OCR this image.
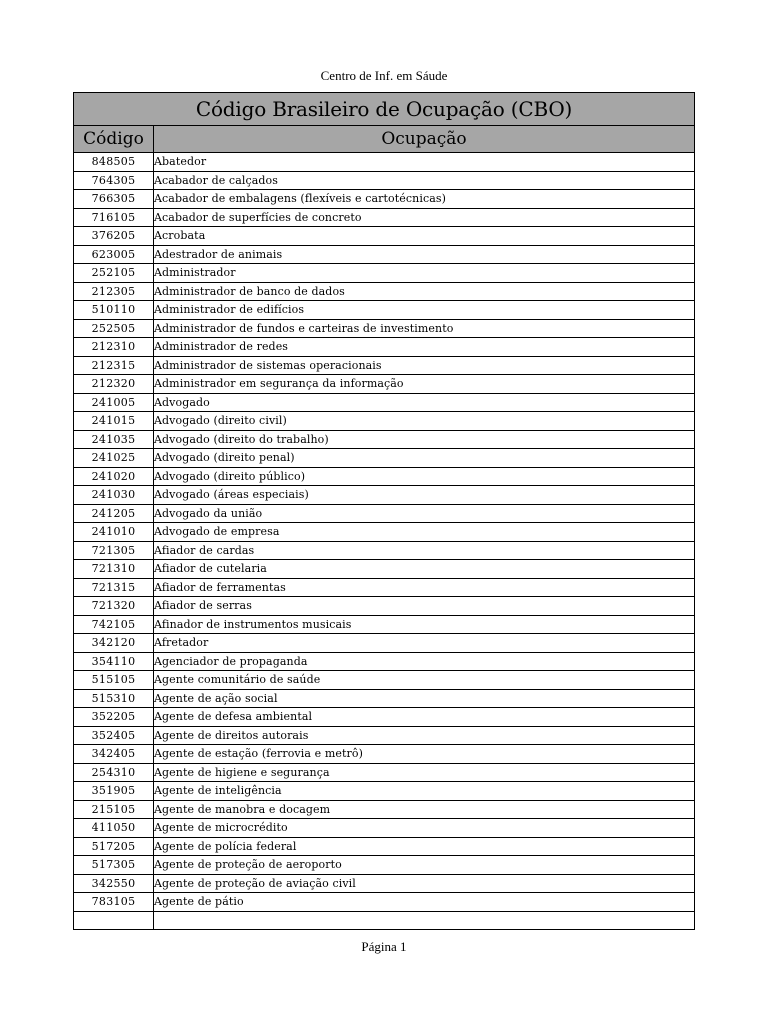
Centro de Inf. em Sáude
Código Brasileiro de Ocupação (CBO)	
Código	Ocupação
848505	Abatedor
764305	Acabador de calçados
766305	Acabador de embalagens (flexíveis e cartotécnicas)
716105	Acabador de superfícies de concreto
376205	Acrobata
623005	Adestrador de animais
252105	Administrador
212305	Administrador de banco de dados
510110	Administrador de edifícios
252505	Administrador de fundos e carteiras de investimento
212310	Administrador de redes
212315	Administrador de sistemas operacionais
212320	Administrador em segurança da informação
241005	Advogado
241015	Advogado (direito civil)
241035	Advogado (direito do trabalho)
241025	Advogado (direito penal)
241020	Advogado (direito público)
241030	Advogado (áreas especiais)
241205	Advogado da união
241010	Advogado de empresa
721305	Afiador de cardas
721310	Afiador de cutelaria
721315	Afiador de ferramentas
721320	Afiador de serras
742105	Afinador de instrumentos musicais
342120	Afretador
354110	Agenciador de propaganda
515105	Agente comunitário de saúde
515310	Agente de ação social
352205	Agente de defesa ambiental
352405	Agente de direitos autorais
342405	Agente de estação (ferrovia e metrô)
254310	Agente de higiene e segurança
351905	Agente de inteligência
215105	Agente de manobra e docagem
411050	Agente de microcrédito
517205	Agente de polícia federal
517305	Agente de proteção de aeroporto
342550	Agente de proteção de aviação civil
783105	Agente de pátio

Página 1
